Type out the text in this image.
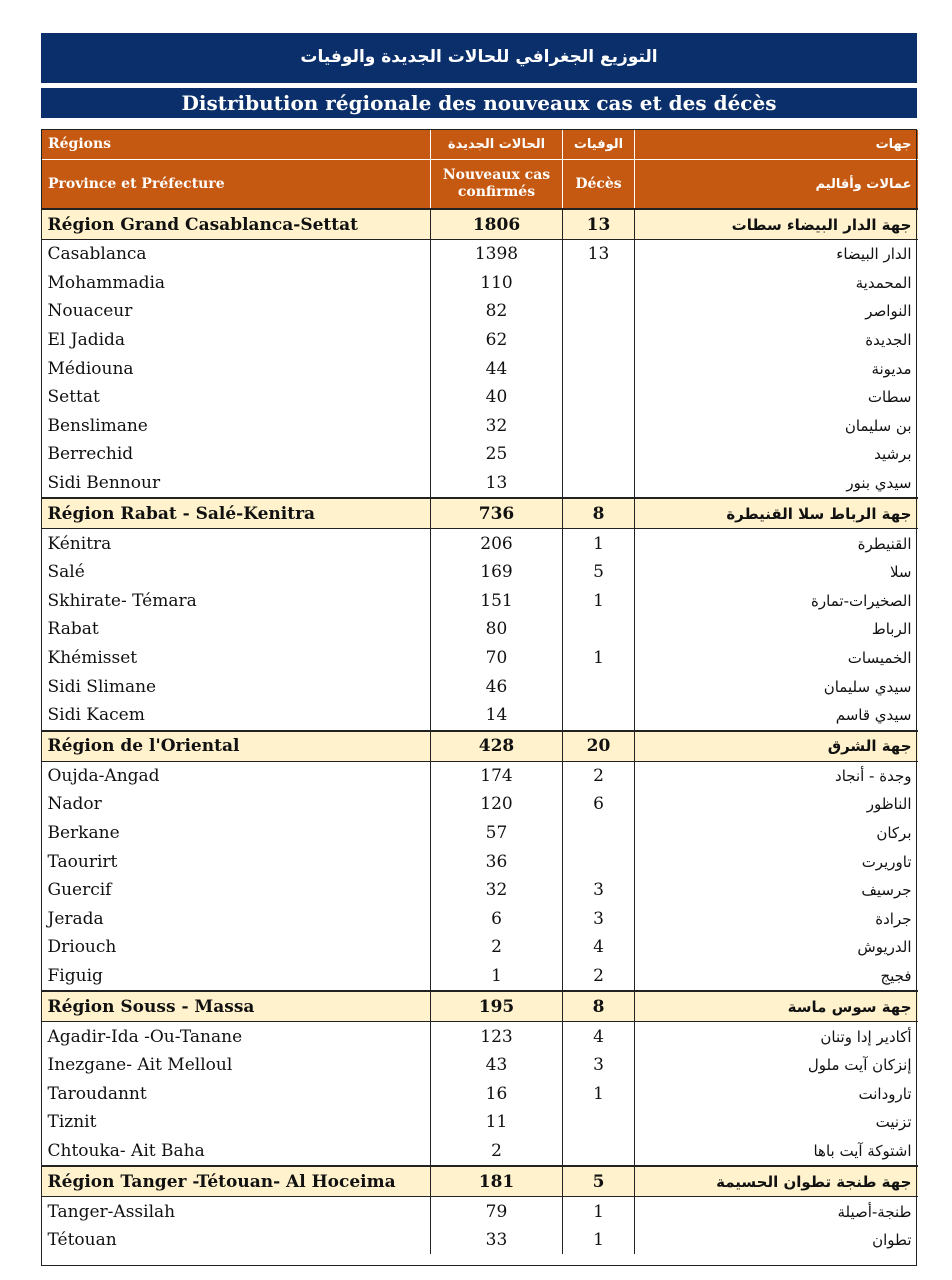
التوزيع الجغرافي للحالات الجديدة والوفيات
Distribution régionale des nouveaux cas et des décès
Régions	الحالات الجديدة	الوفيات	جهات
Province et Préfecture	Nouveaux cas confirmés	Décès	عمالات وأقاليم
Région Grand Casablanca-Settat	1806	13	جهة الدار البيضاء سطات
Casablanca	1398	13	الدار البيضاء
Mohammadia	110		المحمدية
Nouaceur	82		النواصر
El Jadida	62		الجديدة
Médiouna	44		مديونة
Settat	40		سطات
Benslimane	32		بن سليمان
Berrechid	25		برشيد
Sidi Bennour	13		سيدي بنور
Région Rabat - Salé-Kenitra	736	8	جهة الرباط سلا القنيطرة
Kénitra	206	1	القنيطرة
Salé	169	5	سلا
Skhirate- Témara	151	1	الصخيرات-تمارة
Rabat	80		الرباط
Khémisset	70	1	الخميسات
Sidi Slimane	46		سيدي سليمان
Sidi Kacem	14		سيدي قاسم
Région de l'Oriental	428	20	جهة الشرق
Oujda-Angad	174	2	وجدة - أنجاد
Nador	120	6	الناظور
Berkane	57		بركان
Taourirt	36		تاوريرت
Guercif	32	3	جرسيف
Jerada	6	3	جرادة
Driouch	2	4	الدريوش
Figuig	1	2	فجيج
Région Souss - Massa	195	8	جهة سوس ماسة
Agadir-Ida -Ou-Tanane	123	4	أكادير إدا وتنان
Inezgane- Ait Melloul	43	3	إنزكان آيت ملول
Taroudannt	16	1	تارودانت
Tiznit	11		تزنيت
Chtouka- Ait Baha	2		اشتوكة آيت باها
Région Tanger -Tétouan- Al Hoceima	181	5	جهة طنجة تطوان الحسيمة
Tanger-Assilah	79	1	طنجة-أصيلة
Tétouan	33	1	تطوان
